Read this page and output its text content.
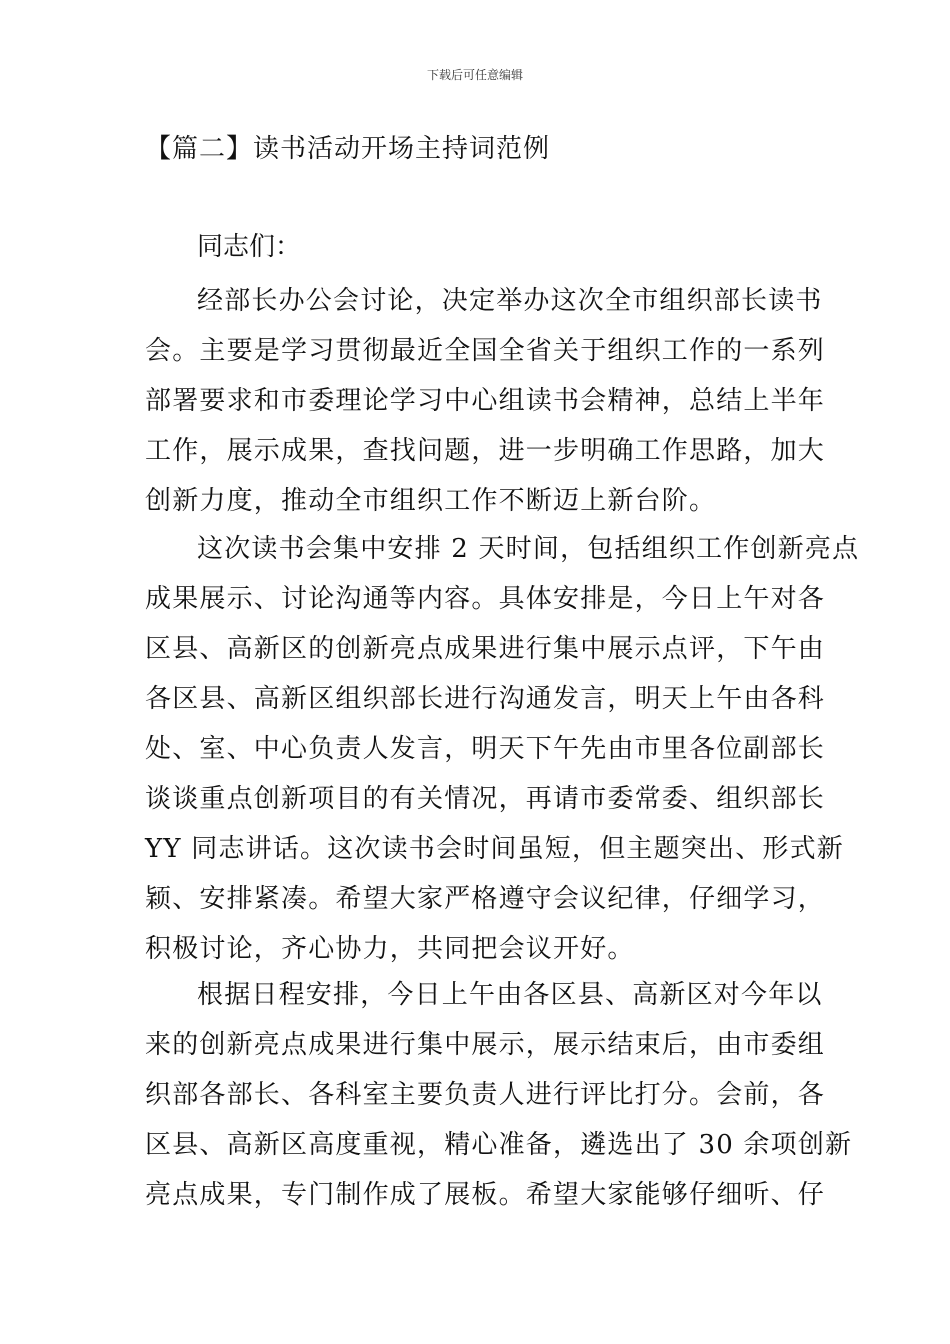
下载后可任意编辑
【篇二】读书活动开场主持词范例
同志们：
经部长办公会讨论，决定举办这次全市组织部长读书
会。主要是学习贯彻最近全国全省关于组织工作的一系列
部署要求和市委理论学习中心组读书会精神，总结上半年
工作，展示成果，查找问题，进一步明确工作思路，加大
创新力度，推动全市组织工作不断迈上新台阶。
这次读书会集中安排 2 天时间，包括组织工作创新亮点
成果展示、讨论沟通等内容。具体安排是，今日上午对各
区县、高新区的创新亮点成果进行集中展示点评，下午由
各区县、高新区组织部长进行沟通发言，明天上午由各科
处、室、中心负责人发言，明天下午先由市里各位副部长
谈谈重点创新项目的有关情况，再请市委常委、组织部长
YY 同志讲话。这次读书会时间虽短，但主题突出、形式新
颖、安排紧凑。希望大家严格遵守会议纪律，仔细学习，
积极讨论，齐心协力，共同把会议开好。
根据日程安排，今日上午由各区县、高新区对今年以
来的创新亮点成果进行集中展示，展示结束后，由市委组
织部各部长、各科室主要负责人进行评比打分。会前，各
区县、高新区高度重视，精心准备，遴选出了 30 余项创新
亮点成果，专门制作成了展板。希望大家能够仔细听、仔
